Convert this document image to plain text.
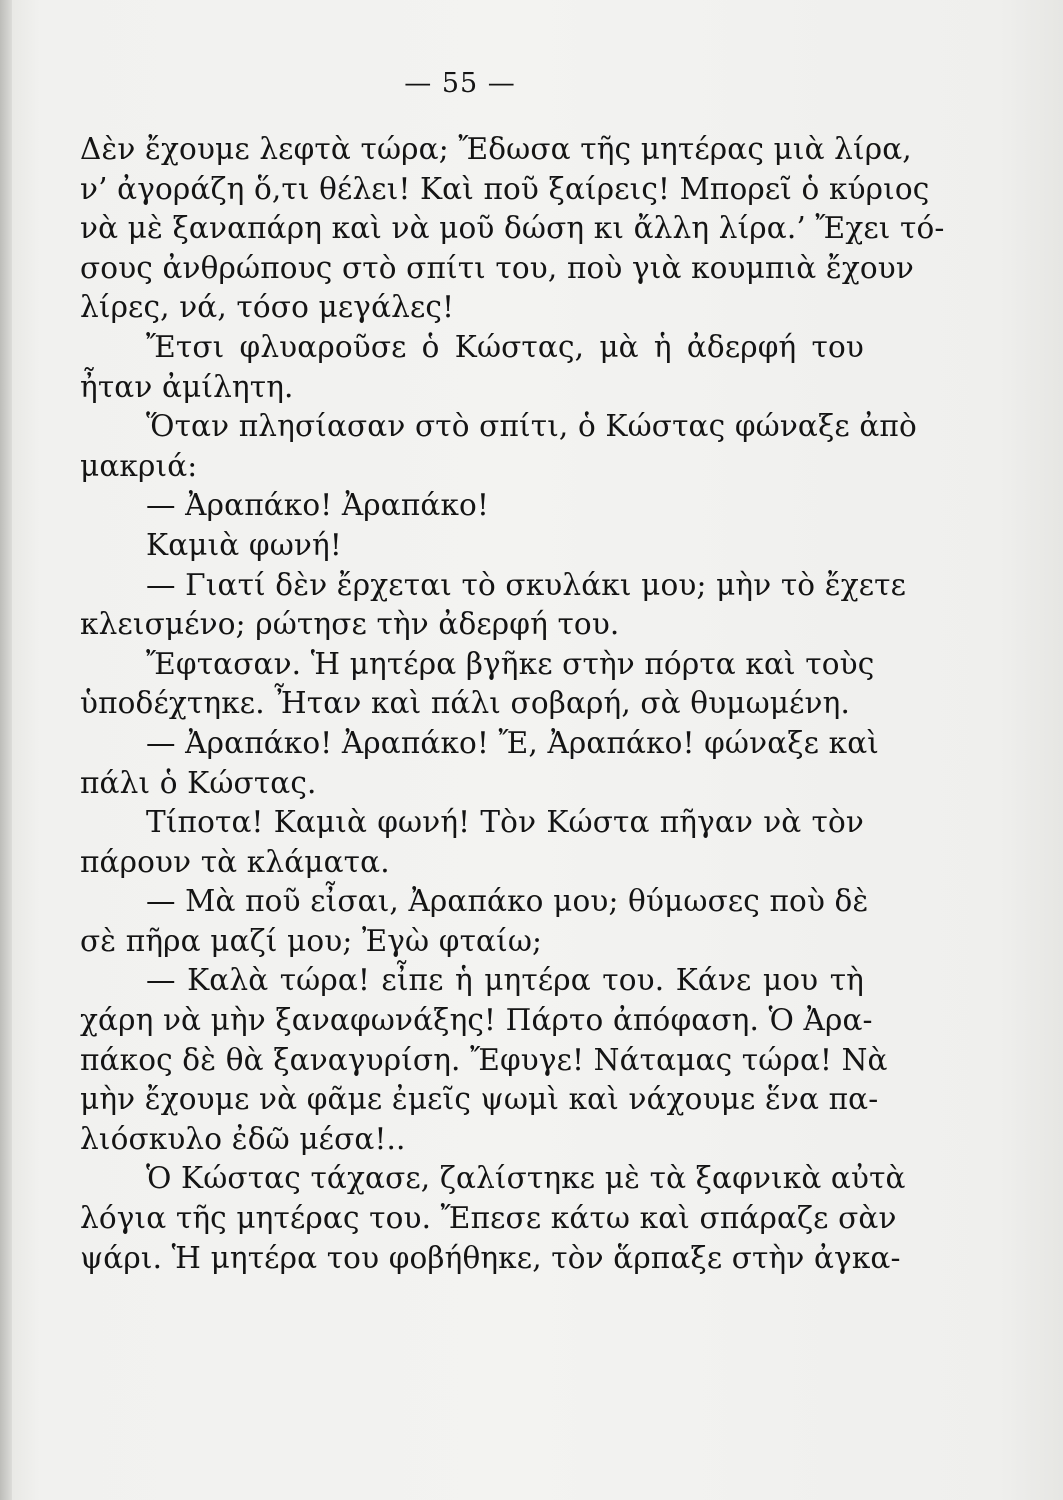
— 55 —
Δὲν ἔχουμε λεφτὰ τώρα; Ἔδωσα τῆς μητέρας μιὰ λίρα,
ν’ ἀγοράζη ὅ,τι θέλει! Καὶ ποῦ ξαίρεις! Μπορεῖ ὁ κύριος
νὰ μὲ ξαναπάρη καὶ νὰ μοῦ δώση κι ἄλλη λίρα.’ Ἔχει τό-
σους ἀνθρώπους στὸ σπίτι του, ποὺ γιὰ κουμπιὰ ἔχουν
λίρες, νά, τόσο μεγάλες!
Ἔτσι φλυαροῦσε ὁ Κώστας, μὰ ἡ ἀδερφή του
ἦταν ἀμίλητη.
Ὅταν πλησίασαν στὸ σπίτι, ὁ Κώστας φώναξε ἀπὸ
μακριά:
— Ἀραπάκο! Ἀραπάκο!
Καμιὰ φωνή!
— Γιατί δὲν ἔρχεται τὸ σκυλάκι μου; μὴν τὸ ἔχετε
κλεισμένο; ρώτησε τὴν ἀδερφή του.
Ἔφτασαν. Ἡ μητέρα βγῆκε στὴν πόρτα καὶ τοὺς
ὑποδέχτηκε. Ἦταν καὶ πάλι σοβαρή, σὰ θυμωμένη.
— Ἀραπάκο! Ἀραπάκο! Ἔ, Ἀραπάκο! φώναξε καὶ
πάλι ὁ Κώστας.
Τίποτα! Καμιὰ φωνή! Τὸν Κώστα πῆγαν νὰ τὸν
πάρουν τὰ κλάματα.
— Μὰ ποῦ εἶσαι, Ἀραπάκο μου; θύμωσες ποὺ δὲ
σὲ πῆρα μαζί μου; Ἐγὼ φταίω;
— Καλὰ τώρα! εἶπε ἡ μητέρα του. Κάνε μου τὴ
χάρη νὰ μὴν ξαναφωνάξης! Πάρτο ἀπόφαση. Ὁ Ἀρα-
πάκος δὲ θὰ ξαναγυρίση. Ἔφυγε! Νάταμας τώρα! Νὰ
μὴν ἔχουμε νὰ φᾶμε ἐμεῖς ψωμὶ καὶ νάχουμε ἕνα πα-
λιόσκυλο ἐδῶ μέσα!..
Ὁ Κώστας τάχασε, ζαλίστηκε μὲ τὰ ξαφνικὰ αὐτὰ
λόγια τῆς μητέρας του. Ἔπεσε κάτω καὶ σπάραζε σὰν
ψάρι. Ἡ μητέρα του φοβήθηκε, τὸν ἅρπαξε στὴν ἀγκα-
